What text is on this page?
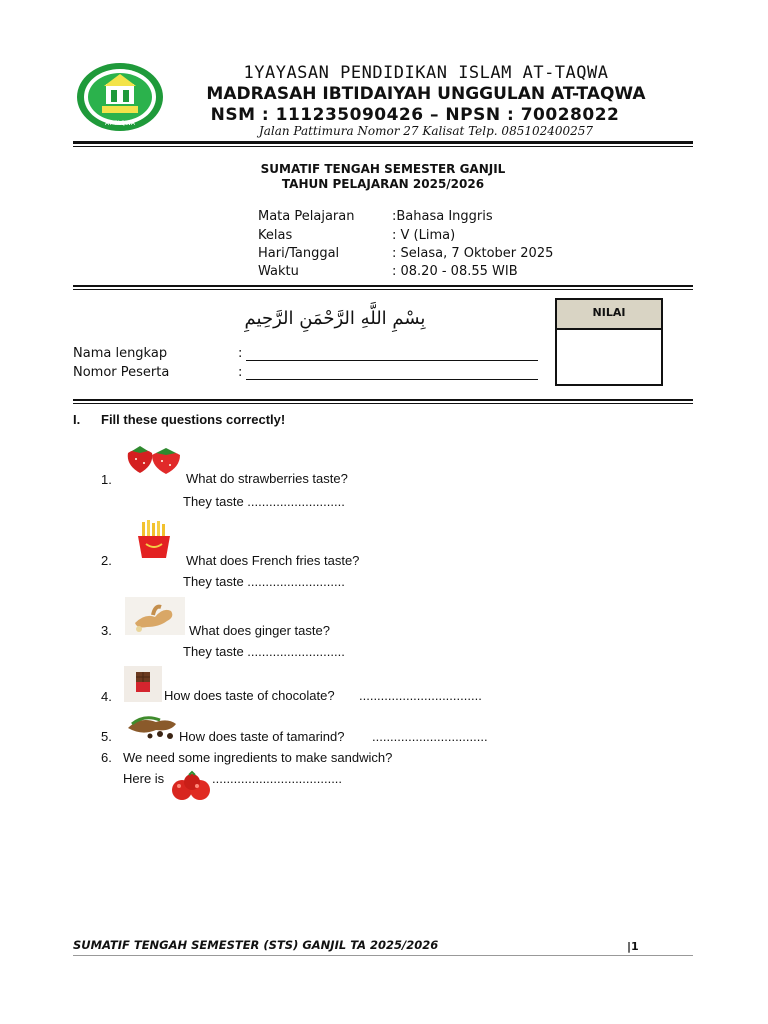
AT-TAQWA
1YAYASAN PENDIDIKAN ISLAM AT-TAQWA
MADRASAH IBTIDAIYAH UNGGULAN AT-TAQWA
NSM : 111235090426 – NPSN : 70028022
Jalan Pattimura Nomor 27 Kalisat Telp. 085102400257
SUMATIF TENGAH SEMESTER GANJIL
TAHUN PELAJARAN 2025/2026
Mata Pelajaran	:Bahasa Inggris
Kelas	: V (Lima)
Hari/Tanggal	: Selasa, 7 Oktober 2025
Waktu	: 08.20 - 08.55 WIB
بِسْمِ اللَّهِ الرَّحْمَنِ الرَّحِيمِ	NILAI
Nama lengkap	:
Nomor Peserta	:
I. Fill these questions correctly!
1.	What do strawberries taste?
They taste ...........................
2.	What does French fries taste?
They taste ...........................
3.	What does ginger taste?
They taste ...........................
4.	How does taste of chocolate? ..................................
5.	How does taste of tamarind? ................................
6. We need some ingredients to make sandwich?
Here is	....................................
SUMATIF TENGAH SEMESTER (STS) GANJIL TA 2025/2026	|1
